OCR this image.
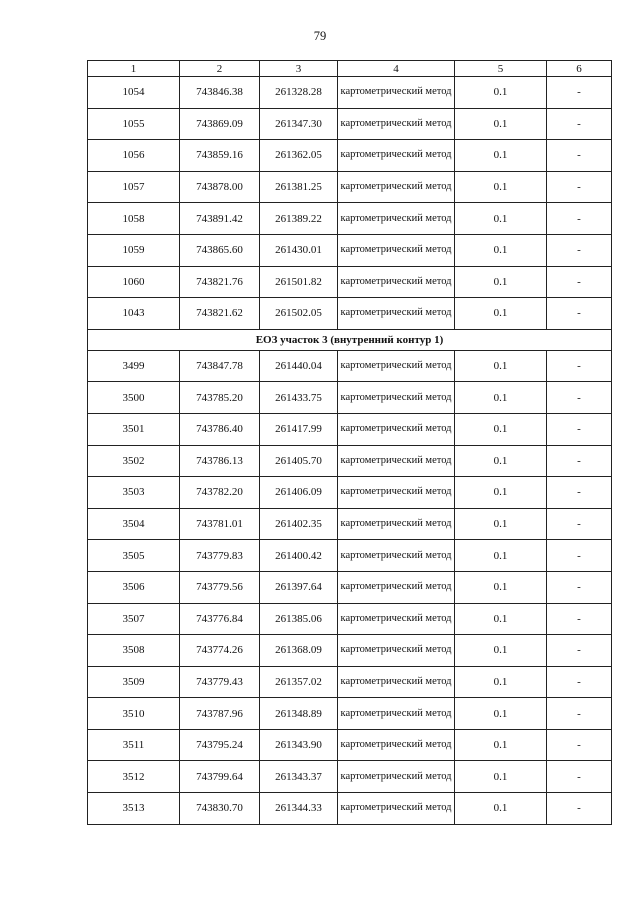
79
1	2	3	4	5	6
1054	743846.38	261328.28	картометрический метод	0.1	-
1055	743869.09	261347.30	картометрический метод	0.1	-
1056	743859.16	261362.05	картометрический метод	0.1	-
1057	743878.00	261381.25	картометрический метод	0.1	-
1058	743891.42	261389.22	картометрический метод	0.1	-
1059	743865.60	261430.01	картометрический метод	0.1	-
1060	743821.76	261501.82	картометрический метод	0.1	-
1043	743821.62	261502.05	картометрический метод	0.1	-
ЕОЗ участок 3 (внутренний контур 1)					
3499	743847.78	261440.04	картометрический метод	0.1	-
3500	743785.20	261433.75	картометрический метод	0.1	-
3501	743786.40	261417.99	картометрический метод	0.1	-
3502	743786.13	261405.70	картометрический метод	0.1	-
3503	743782.20	261406.09	картометрический метод	0.1	-
3504	743781.01	261402.35	картометрический метод	0.1	-
3505	743779.83	261400.42	картометрический метод	0.1	-
3506	743779.56	261397.64	картометрический метод	0.1	-
3507	743776.84	261385.06	картометрический метод	0.1	-
3508	743774.26	261368.09	картометрический метод	0.1	-
3509	743779.43	261357.02	картометрический метод	0.1	-
3510	743787.96	261348.89	картометрический метод	0.1	-
3511	743795.24	261343.90	картометрический метод	0.1	-
3512	743799.64	261343.37	картометрический метод	0.1	-
3513	743830.70	261344.33	картометрический метод	0.1	-
